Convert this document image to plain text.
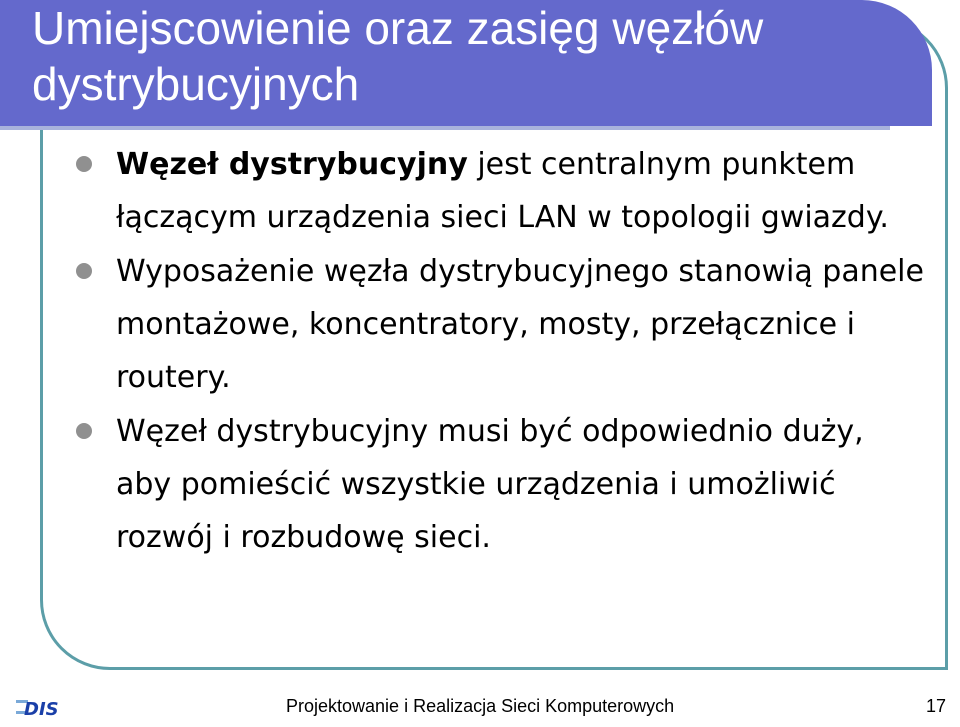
Umiejscowienie oraz zasięg węzłów dystrybucyjnych
Węzeł dystrybucyjny jest centralnym punktem łączącym urządzenia sieci LAN w topologii gwiazdy.
Wyposażenie węzła dystrybucyjnego stanowią panele montażowe, koncentratory, mosty, przełącznice i routery.
Węzeł dystrybucyjny musi być odpowiednio duży, aby pomieścić wszystkie urządzenia i umożliwić rozwój i rozbudowę sieci.
DIS	Projektowanie i Realizacja Sieci Komputerowych	17
